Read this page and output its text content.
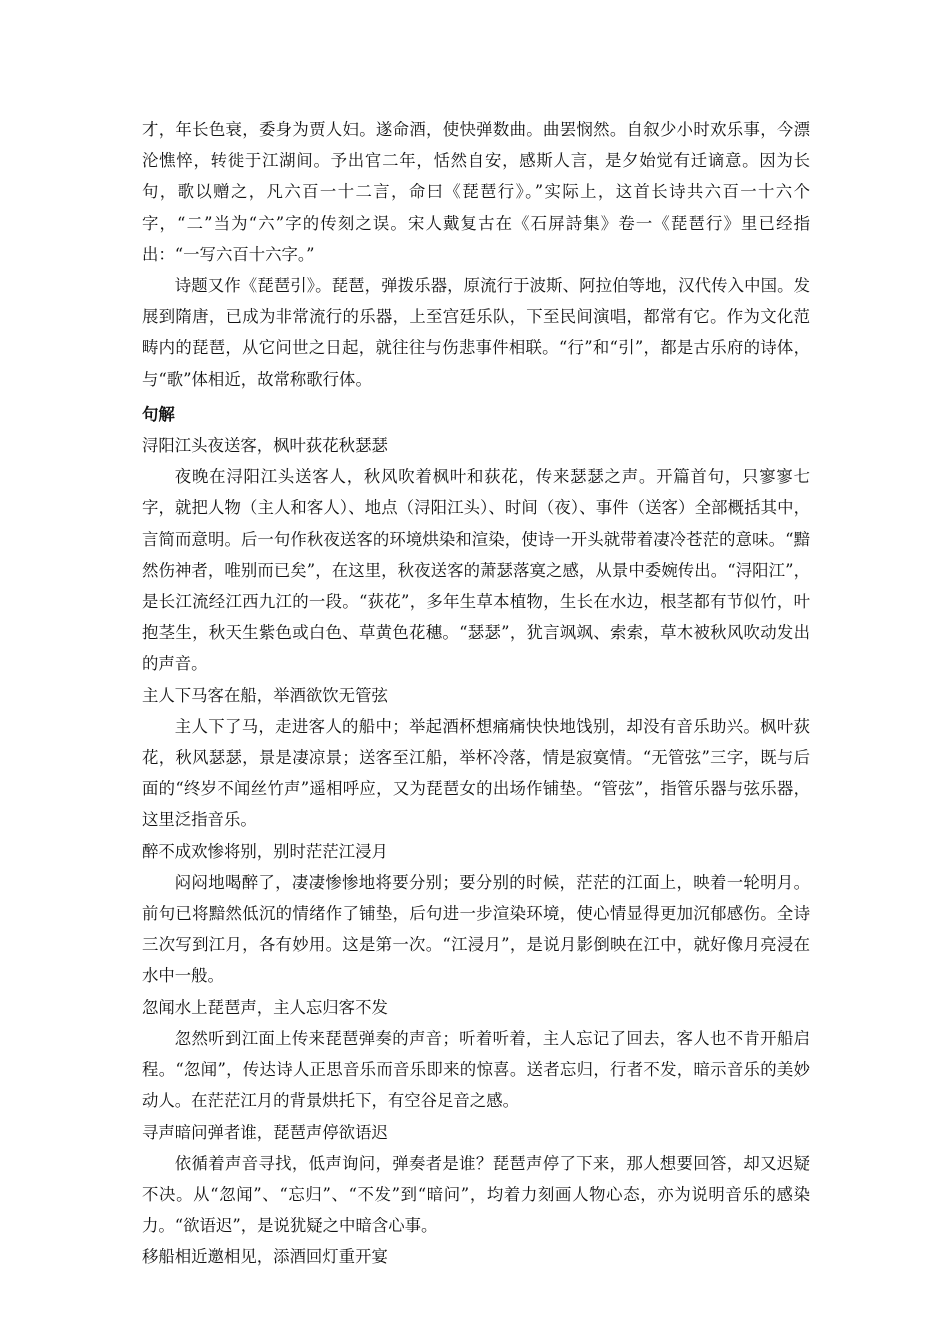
才，年长色衰，委身为贾人妇。遂命酒，使快弹数曲。曲罢悯然。自叙少小时欢乐事，今漂沦憔悴，转徙于江湖间。予出官二年，恬然自安，感斯人言，是夕始觉有迁谪意。因为长句，歌以赠之，凡六百一十二言，命曰《琵琶行》。”实际上，这首长诗共六百一十六个字，“二”当为“六”字的传刻之误。宋人戴复古在《石屏詩集》卷一《琵琶行》里已经指出：“一写六百十六字。”

诗题又作《琵琶引》。琵琶，弹拨乐器，原流行于波斯、阿拉伯等地，汉代传入中国。发展到隋唐，已成为非常流行的乐器，上至宫廷乐队，下至民间演唱，都常有它。作为文化范畴内的琵琶，从它问世之日起，就往往与伤悲事件相联。“行”和“引”，都是古乐府的诗体，与“歌”体相近，故常称歌行体。

句解

浔阳江头夜送客，枫叶荻花秋瑟瑟

夜晚在浔阳江头送客人，秋风吹着枫叶和荻花，传来瑟瑟之声。开篇首句，只寥寥七字，就把人物（主人和客人）、地点（浔阳江头）、时间（夜）、事件（送客）全部概括其中，言简而意明。后一句作秋夜送客的环境烘染和渲染，使诗一开头就带着凄冷苍茫的意味。“黯然伤神者，唯别而已矣”，在这里，秋夜送客的萧瑟落寞之感，从景中委婉传出。“浔阳江”，是长江流经江西九江的一段。“荻花”，多年生草本植物，生长在水边，根茎都有节似竹，叶抱茎生，秋天生紫色或白色、草黄色花穗。“瑟瑟”，犹言飒飒、索索，草木被秋风吹动发出的声音。

主人下马客在船，举酒欲饮无管弦

主人下了马，走进客人的船中；举起酒杯想痛痛快快地饯别，却没有音乐助兴。枫叶荻花，秋风瑟瑟，景是凄凉景；送客至江船，举杯冷落，情是寂寞情。“无管弦”三字，既与后面的“终岁不闻丝竹声”遥相呼应，又为琵琶女的出场作铺垫。“管弦”，指管乐器与弦乐器，这里泛指音乐。

醉不成欢惨将别，别时茫茫江浸月

闷闷地喝醉了，凄凄惨惨地将要分别；要分别的时候，茫茫的江面上，映着一轮明月。前句已将黯然低沉的情绪作了铺垫，后句进一步渲染环境，使心情显得更加沉郁感伤。全诗三次写到江月，各有妙用。这是第一次。“江浸月”，是说月影倒映在江中，就好像月亮浸在水中一般。

忽闻水上琵琶声，主人忘归客不发

忽然听到江面上传来琵琶弹奏的声音；听着听着，主人忘记了回去，客人也不肯开船启程。“忽闻”，传达诗人正思音乐而音乐即来的惊喜。送者忘归，行者不发，暗示音乐的美妙动人。在茫茫江月的背景烘托下，有空谷足音之感。

寻声暗问弹者谁，琵琶声停欲语迟

依循着声音寻找，低声询问，弹奏者是谁？琵琶声停了下来，那人想要回答，却又迟疑不决。从“忽闻”、“忘归”、“不发”到“暗问”，均着力刻画人物心态，亦为说明音乐的感染力。“欲语迟”，是说犹疑之中暗含心事。

移船相近邀相见，添酒回灯重开宴
